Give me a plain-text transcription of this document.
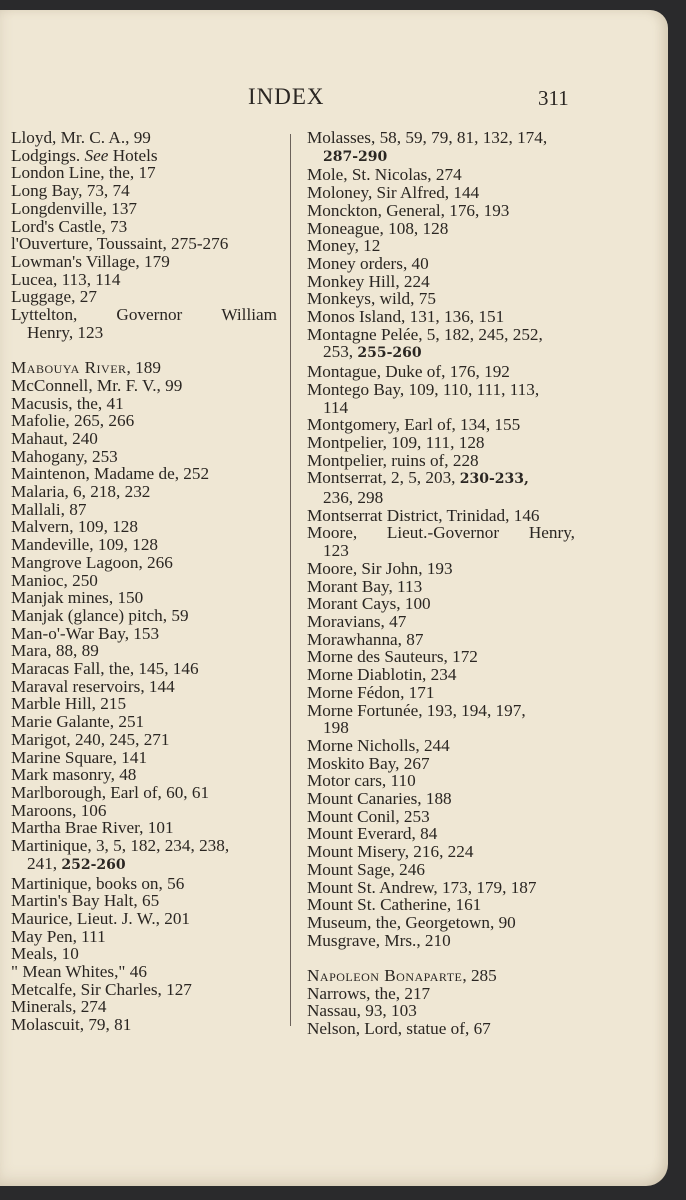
INDEX	311
Lloyd, Mr. C. A., 99
Lodgings. See Hotels
London Line, the, 17
Long Bay, 73, 74
Longdenville, 137
Lord's Castle, 73
l'Ouverture, Toussaint, 275-276
Lowman's Village, 179
Lucea, 113, 114
Luggage, 27
Lyttelton, Governor William
Henry, 123
Mabouya River, 189
McConnell, Mr. F. V., 99
Macusis, the, 41
Mafolie, 265, 266
Mahaut, 240
Mahogany, 253
Maintenon, Madame de, 252
Malaria, 6, 218, 232
Mallali, 87
Malvern, 109, 128
Mandeville, 109, 128
Mangrove Lagoon, 266
Manioc, 250
Manjak mines, 150
Manjak (glance) pitch, 59
Man-o'-War Bay, 153
Mara, 88, 89
Maracas Fall, the, 145, 146
Maraval reservoirs, 144
Marble Hill, 215
Marie Galante, 251
Marigot, 240, 245, 271
Marine Square, 141
Mark masonry, 48
Marlborough, Earl of, 60, 61
Maroons, 106
Martha Brae River, 101
Martinique, 3, 5, 182, 234, 238,
241, 252-260
Martinique, books on, 56
Martin's Bay Halt, 65
Maurice, Lieut. J. W., 201
May Pen, 111
Meals, 10
" Mean Whites," 46
Metcalfe, Sir Charles, 127
Minerals, 274
Molascuit, 79, 81
Molasses, 58, 59, 79, 81, 132, 174,
287-290
Mole, St. Nicolas, 274
Moloney, Sir Alfred, 144
Monckton, General, 176, 193
Moneague, 108, 128
Money, 12
Money orders, 40
Monkey Hill, 224
Monkeys, wild, 75
Monos Island, 131, 136, 151
Montagne Pelée, 5, 182, 245, 252,
253, 255-260
Montague, Duke of, 176, 192
Montego Bay, 109, 110, 111, 113,
114
Montgomery, Earl of, 134, 155
Montpelier, 109, 111, 128
Montpelier, ruins of, 228
Montserrat, 2, 5, 203, 230-233,
236, 298
Montserrat District, Trinidad, 146
Moore, Lieut.-Governor Henry,
123
Moore, Sir John, 193
Morant Bay, 113
Morant Cays, 100
Moravians, 47
Morawhanna, 87
Morne des Sauteurs, 172
Morne Diablotin, 234
Morne Fédon, 171
Morne Fortunée, 193, 194, 197,
198
Morne Nicholls, 244
Moskito Bay, 267
Motor cars, 110
Mount Canaries, 188
Mount Conil, 253
Mount Everard, 84
Mount Misery, 216, 224
Mount Sage, 246
Mount St. Andrew, 173, 179, 187
Mount St. Catherine, 161
Museum, the, Georgetown, 90
Musgrave, Mrs., 210
Napoleon Bonaparte, 285
Narrows, the, 217
Nassau, 93, 103
Nelson, Lord, statue of, 67
